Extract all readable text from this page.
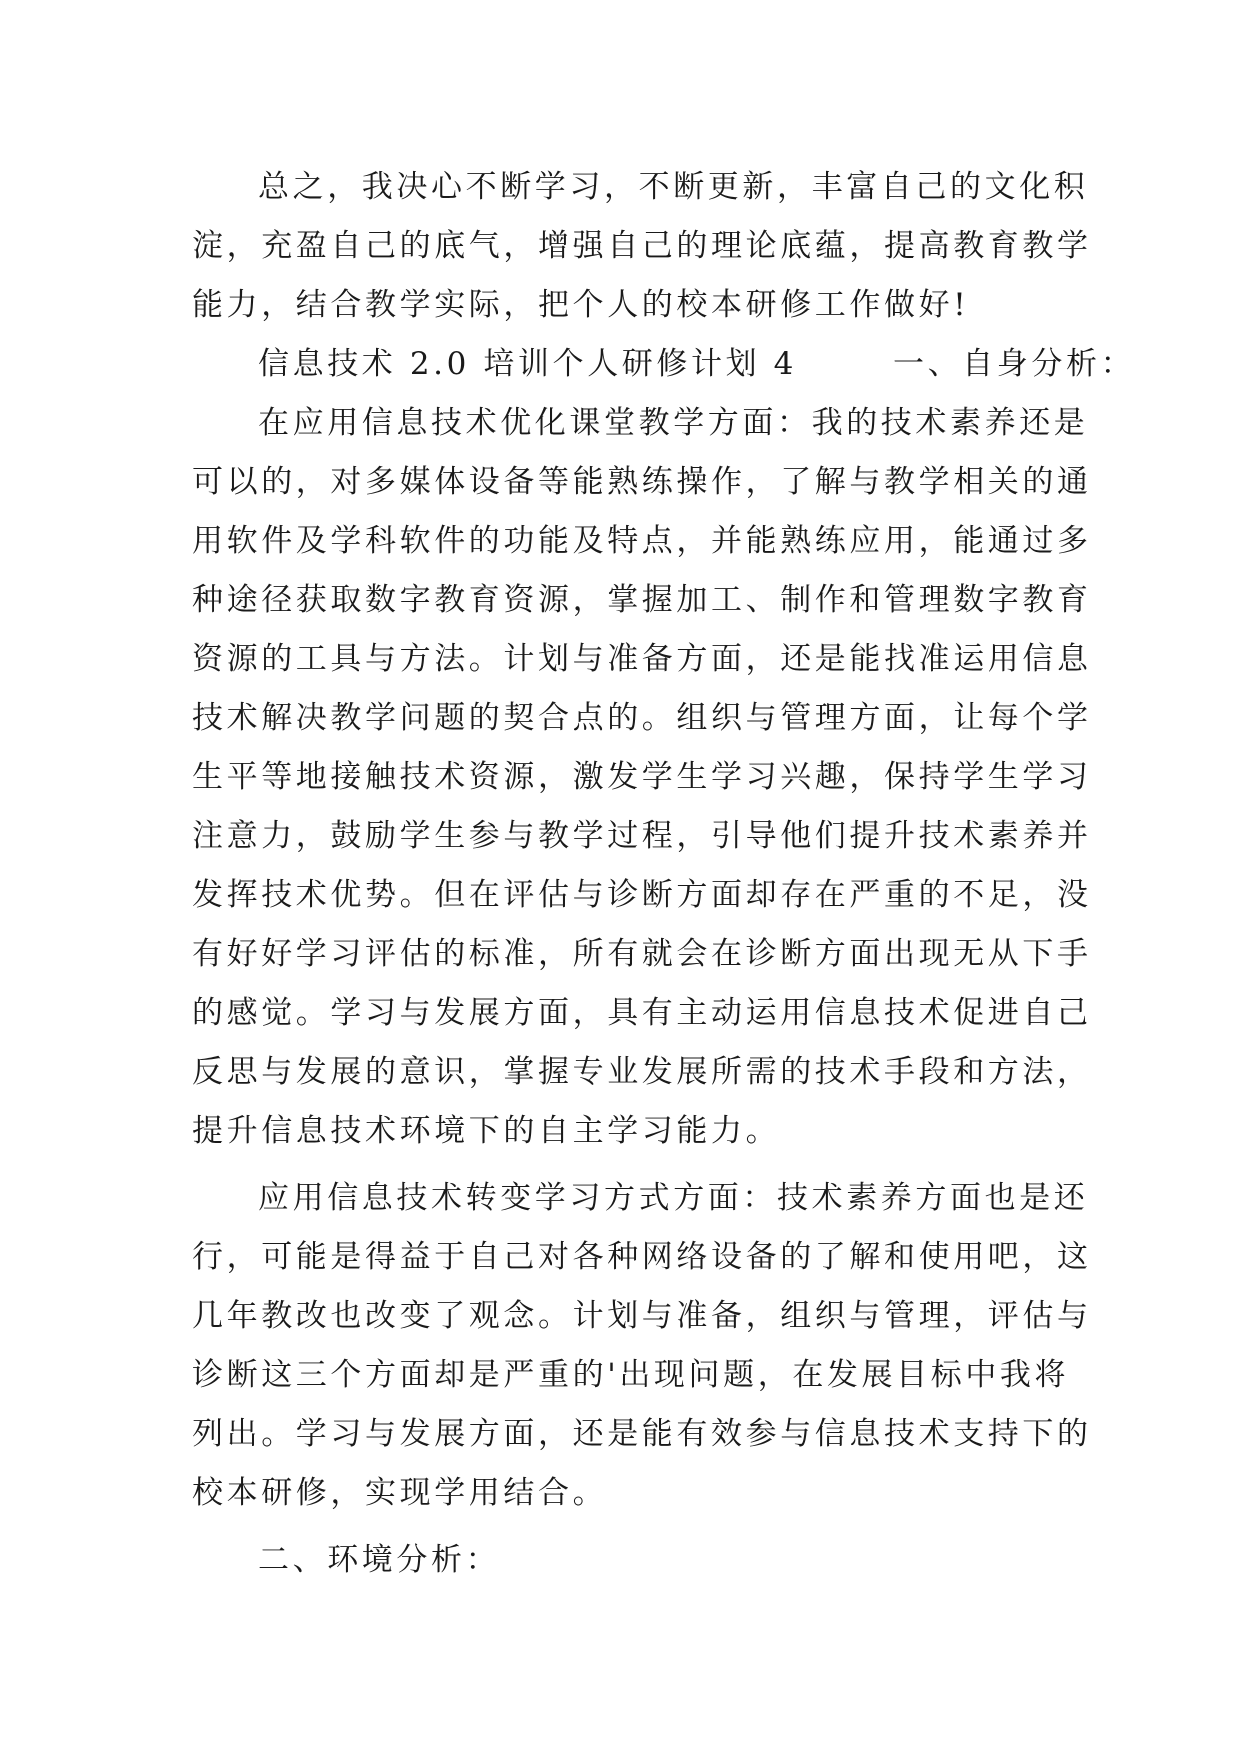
总之，我决心不断学习，不断更新，丰富自己的文化积
淀，充盈自己的底气，增强自己的理论底蕴，提高教育教学
能力，结合教学实际，把个人的校本研修工作做好!
信息技术 2.0 培训个人研修计划 4	一、自身分析：
在应用信息技术优化课堂教学方面：我的技术素养还是
可以的，对多媒体设备等能熟练操作，了解与教学相关的通
用软件及学科软件的功能及特点，并能熟练应用，能通过多
种途径获取数字教育资源，掌握加工、制作和管理数字教育
资源的工具与方法。计划与准备方面，还是能找准运用信息
技术解决教学问题的契合点的。组织与管理方面，让每个学
生平等地接触技术资源，激发学生学习兴趣，保持学生学习
注意力，鼓励学生参与教学过程，引导他们提升技术素养并
发挥技术优势。但在评估与诊断方面却存在严重的不足，没
有好好学习评估的标准，所有就会在诊断方面出现无从下手
的感觉。学习与发展方面，具有主动运用信息技术促进自己
反思与发展的意识，掌握专业发展所需的技术手段和方法，
提升信息技术环境下的自主学习能力。
应用信息技术转变学习方式方面：技术素养方面也是还
行，可能是得益于自己对各种网络设备的了解和使用吧，这
几年教改也改变了观念。计划与准备，组织与管理，评估与
诊断这三个方面却是严重的'出现问题，在发展目标中我将
列出。学习与发展方面，还是能有效参与信息技术支持下的
校本研修，实现学用结合。
二、环境分析：
